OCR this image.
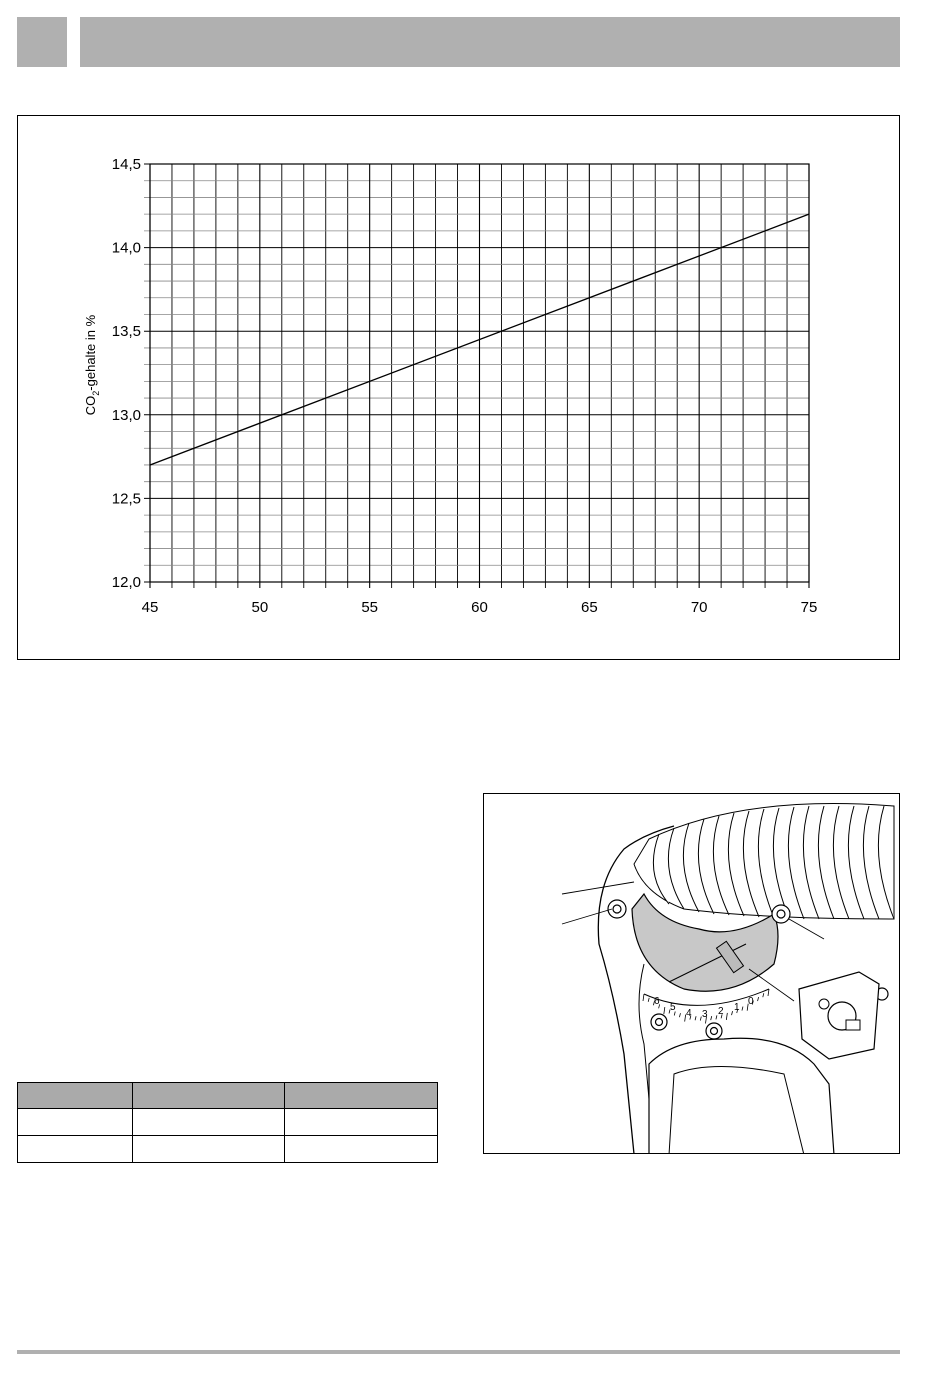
45	50	55	60	65	70	75
12,0
12,5
13,0
13,5
14,0
14,5
$CO_2$-gehalte in %
6
5
4 3 2 1
0
